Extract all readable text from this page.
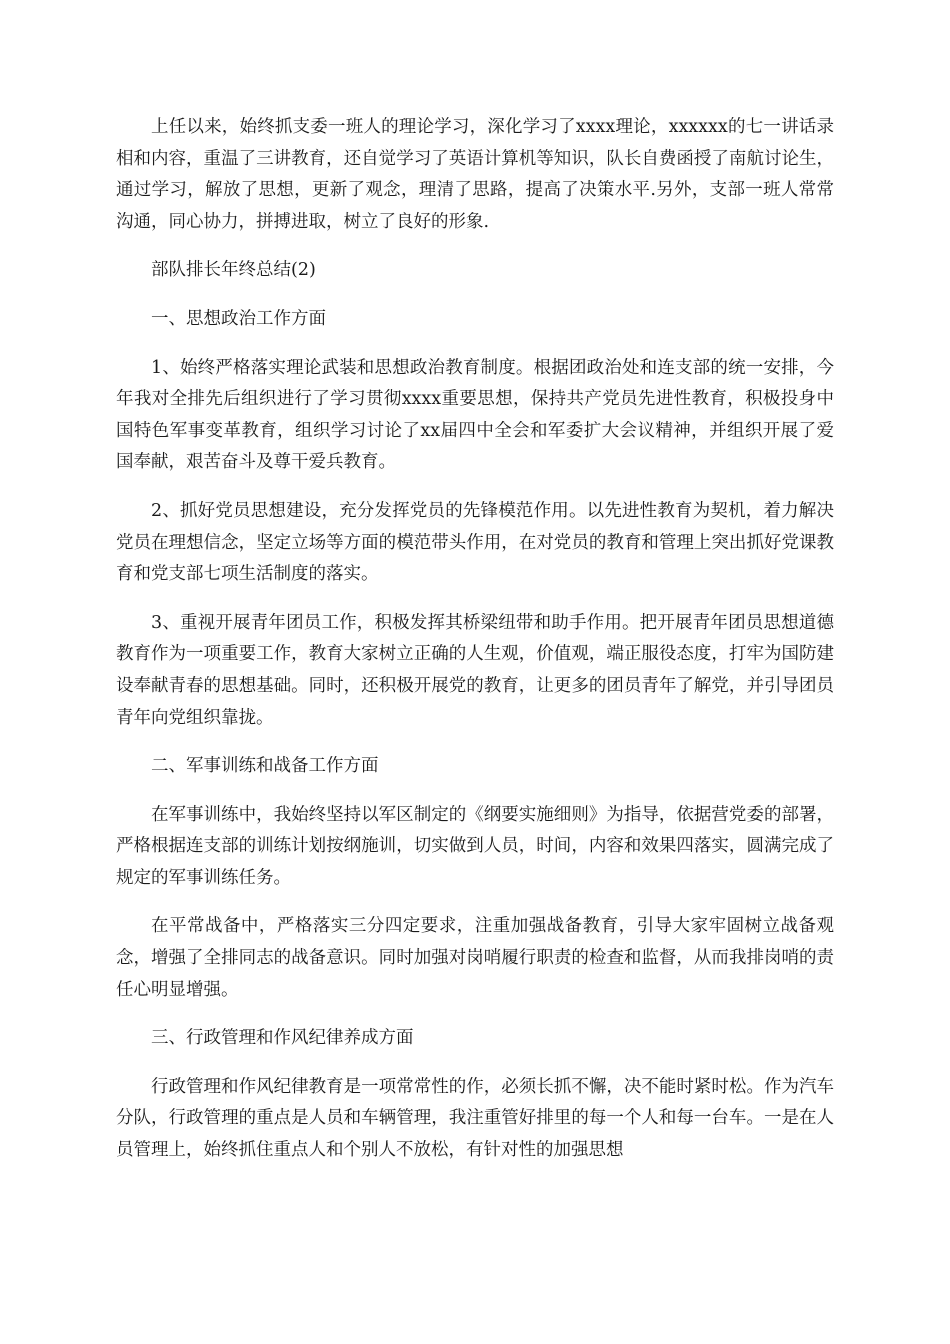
上任以来，始终抓支委一班人的理论学习，深化学习了xxxx理论，xxxxxx的七一讲话录相和内容，重温了三讲教育，还自觉学习了英语计算机等知识，队长自费函授了南航讨论生，通过学习，解放了思想，更新了观念，理清了思路，提高了决策水平.另外，支部一班人常常沟通，同心协力，拼搏进取，树立了良好的形象.

部队排长年终总结(2)

一、思想政治工作方面

1、始终严格落实理论武装和思想政治教育制度。根据团政治处和连支部的统一安排，今年我对全排先后组织进行了学习贯彻xxxx重要思想，保持共产党员先进性教育，积极投身中国特色军事变革教育，组织学习讨论了xx届四中全会和军委扩大会议精神，并组织开展了爱国奉献，艰苦奋斗及尊干爱兵教育。

2、抓好党员思想建设，充分发挥党员的先锋模范作用。以先进性教育为契机，着力解决党员在理想信念，坚定立场等方面的模范带头作用，在对党员的教育和管理上突出抓好党课教育和党支部七项生活制度的落实。

3、重视开展青年团员工作，积极发挥其桥梁纽带和助手作用。把开展青年团员思想道德教育作为一项重要工作，教育大家树立正确的人生观，价值观，端正服役态度，打牢为国防建设奉献青春的思想基础。同时，还积极开展党的教育，让更多的团员青年了解党，并引导团员青年向党组织靠拢。

二、军事训练和战备工作方面

在军事训练中，我始终坚持以军区制定的《纲要实施细则》为指导，依据营党委的部署，严格根据连支部的训练计划按纲施训，切实做到人员，时间，内容和效果四落实，圆满完成了规定的军事训练任务。

在平常战备中，严格落实三分四定要求，注重加强战备教育，引导大家牢固树立战备观念，增强了全排同志的战备意识。同时加强对岗哨履行职责的检查和监督，从而我排岗哨的责任心明显增强。

三、行政管理和作风纪律养成方面

行政管理和作风纪律教育是一项常常性的作，必须长抓不懈，决不能时紧时松。作为汽车分队，行政管理的重点是人员和车辆管理，我注重管好排里的每一个人和每一台车。一是在人员管理上，始终抓住重点人和个别人不放松，有针对性的加强思想
